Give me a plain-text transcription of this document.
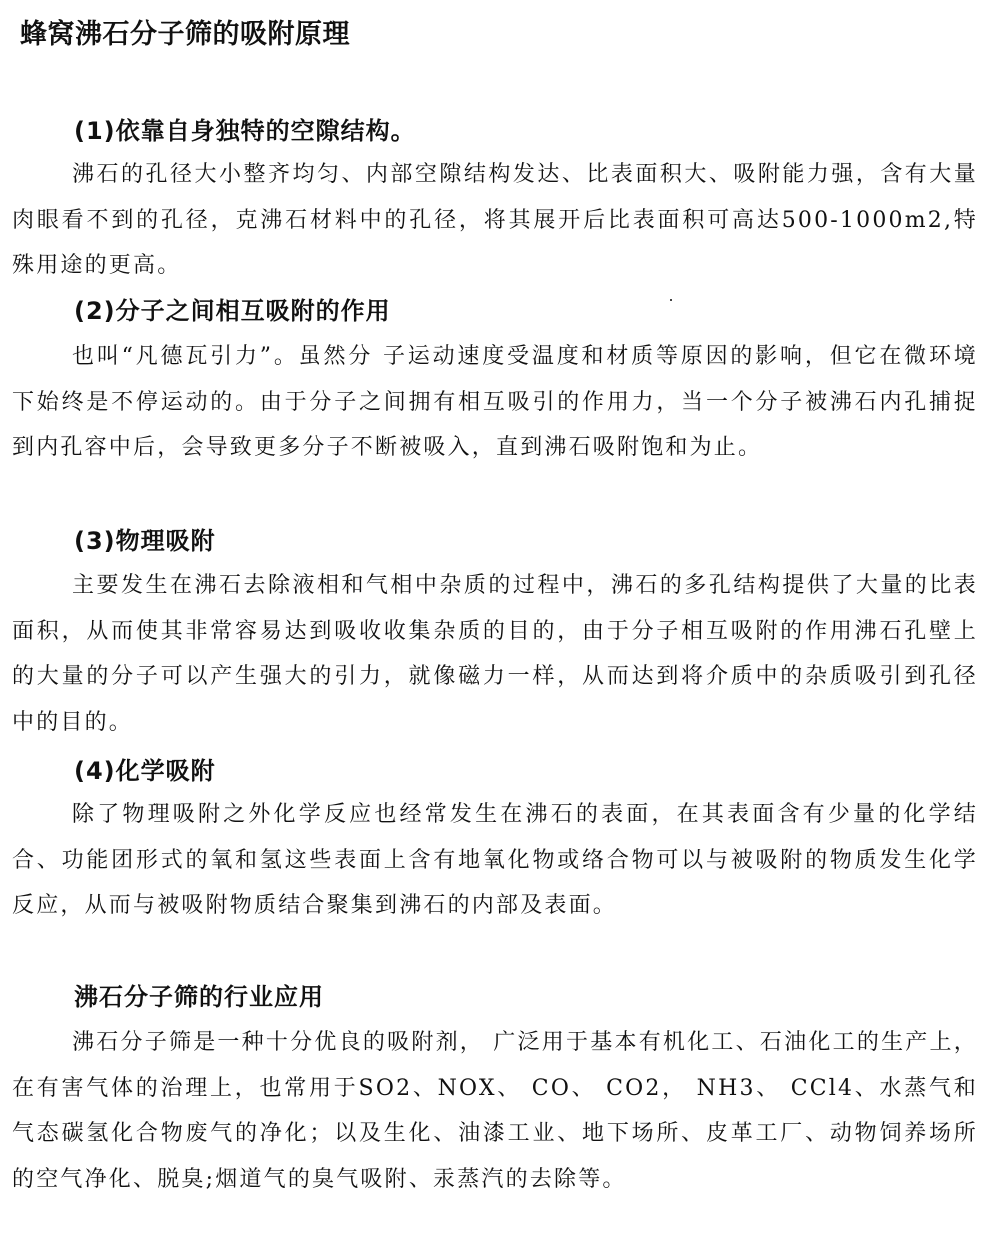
蜂窝沸石分子筛的吸附原理
(1)依靠自身独特的空隙结构。
沸石的孔径大小整齐均匀、内部空隙结构发达、比表面积大、吸附能力强，含有大量肉眼看不到的孔径，克沸石材料中的孔径，将其展开后比表面积可高达500-1000m2,特殊用途的更高。
(2)分子之间相互吸附的作用
也叫“凡德瓦引力”。虽然分 子运动速度受温度和材质等原因的影响，但它在微环境下始终是不停运动的。由于分子之间拥有相互吸引的作用力，当一个分子被沸石内孔捕捉到内孔容中后，会导致更多分子不断被吸入，直到沸石吸附饱和为止。
(3)物理吸附
主要发生在沸石去除液相和气相中杂质的过程中，沸石的多孔结构提供了大量的比表面积，从而使其非常容易达到吸收收集杂质的目的，由于分子相互吸附的作用沸石孔壁上的大量的分子可以产生强大的引力，就像磁力一样，从而达到将介质中的杂质吸引到孔径中的目的。
(4)化学吸附
除了物理吸附之外化学反应也经常发生在沸石的表面，在其表面含有少量的化学结合、功能团形式的氧和氢这些表面上含有地氧化物或络合物可以与被吸附的物质发生化学反应，从而与被吸附物质结合聚集到沸石的内部及表面。
沸石分子筛的行业应用
沸石分子筛是一种十分优良的吸附剂， 广泛用于基本有机化工、石油化工的生产上，在有害气体的治理上，也常用于SO2、NOX、 CO、 CO2， NH3、 CCl4、水蒸气和气态碳氢化合物废气的净化；以及生化、油漆工业、地下场所、皮革工厂、动物饲养场所的空气净化、脱臭;烟道气的臭气吸附、汞蒸汽的去除等。
